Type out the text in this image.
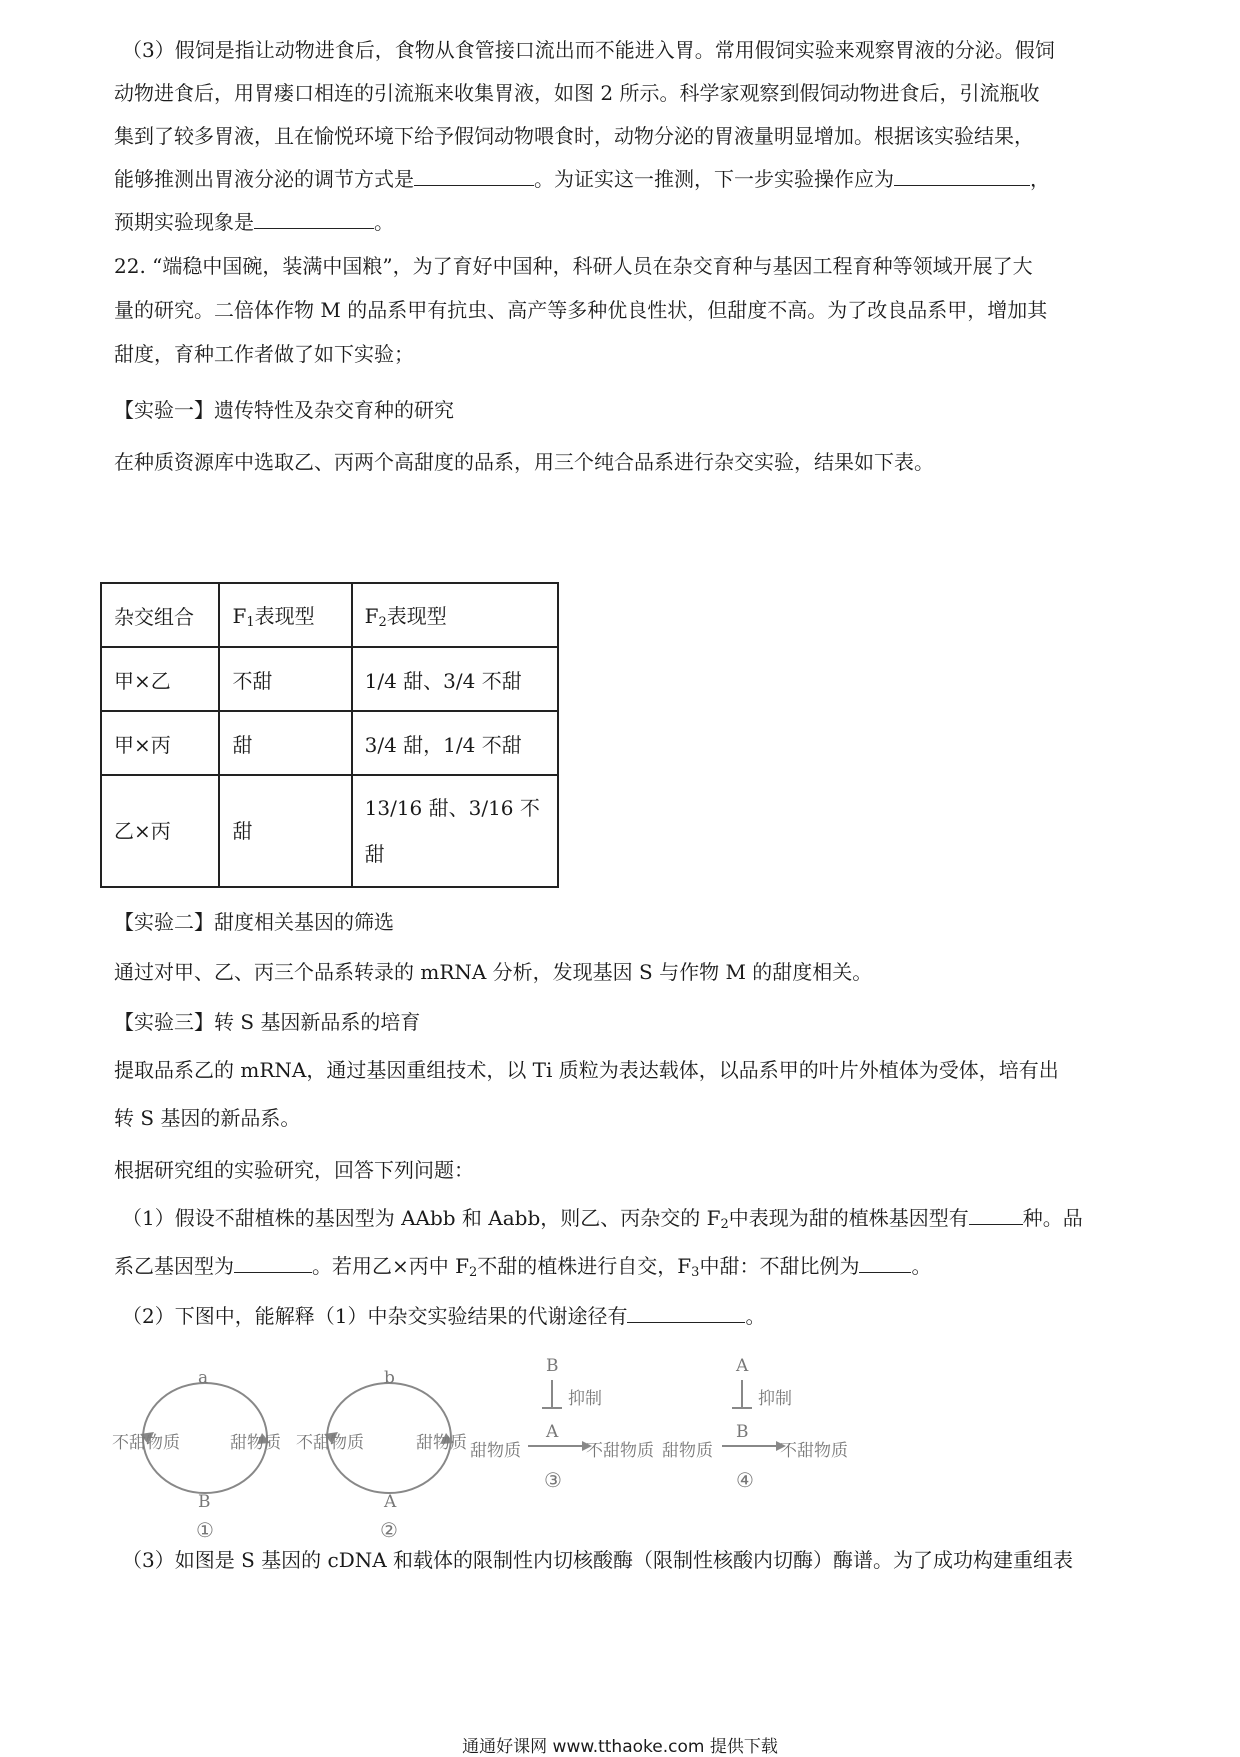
（3）假饲是指让动物进食后，食物从食管接口流出而不能进入胃。常用假饲实验来观察胃液的分泌。假饲
动物进食后，用胃瘘口相连的引流瓶来收集胃液，如图 2 所示。科学家观察到假饲动物进食后，引流瓶收
集到了较多胃液，且在愉悦环境下给予假饲动物喂食时，动物分泌的胃液量明显增加。根据该实验结果，
能够推测出胃液分泌的调节方式是	。为证实这一推测，下一步实验操作应为	，
预期实验现象是	。
22. “端稳中国碗，装满中国粮”，为了育好中国种，科研人员在杂交育种与基因工程育种等领域开展了大
量的研究。二倍体作物 M 的品系甲有抗虫、高产等多种优良性状，但甜度不高。为了改良品系甲，增加其
甜度，育种工作者做了如下实验；
【实验一】遗传特性及杂交育种的研究
在种质资源库中选取乙、丙两个高甜度的品系，用三个纯合品系进行杂交实验，结果如下表。
杂交组合	$F_1$表现型	$F_2$表现型
甲×乙	不甜	1/4 甜、3/4 不甜
甲×丙	甜	3/4 甜，1/4 不甜
乙×丙	甜	13/16 甜、3/16 不
甜
【实验二】甜度相关基因的筛选
通过对甲、乙、丙三个品系转录的 mRNA 分析，发现基因 S 与作物 M 的甜度相关。
【实验三】转 S 基因新品系的培育
提取品系乙的 mRNA，通过基因重组技术，以 Ti 质粒为表达载体，以品系甲的叶片外植体为受体，培有出
转 S 基因的新品系。
根据研究组的实验研究，回答下列问题：
（1）假设不甜植株的基因型为 AAbb 和 Aabb，则乙、丙杂交的 $F_2$中表现为甜的植株基因型有	种。品
系乙基因型为	。若用乙×丙中 $F_2$不甜的植株进行自交，$F_3$中甜：不甜比例为	。
（2）下图中，能解释（1）中杂交实验结果的代谢途径有	。
a
不甜物质	甜物质
B
①
b
不甜物质	甜物质
A
②
B
抑制
A
甜物质	不甜物质
③
A
抑制
B
甜物质	不甜物质
④
（3）如图是 S 基因的 cDNA 和载体的限制性内切核酸酶（限制性核酸内切酶）酶谱。为了成功构建重组表
通通好课网 www.tthaoke.com 提供下载
